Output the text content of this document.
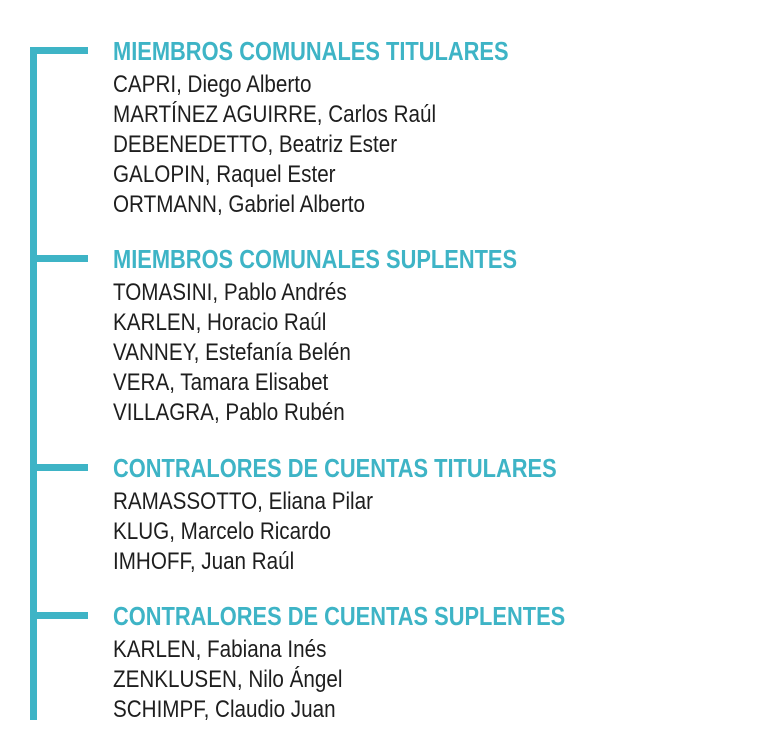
MIEMBROS COMUNALES TITULARES
CAPRI, Diego Alberto
MARTÍNEZ AGUIRRE, Carlos Raúl
DEBENEDETTO, Beatriz Ester
GALOPIN, Raquel Ester
ORTMANN, Gabriel Alberto
MIEMBROS COMUNALES SUPLENTES
TOMASINI, Pablo Andrés
KARLEN, Horacio Raúl
VANNEY, Estefanía Belén
VERA, Tamara Elisabet
VILLAGRA, Pablo Rubén
CONTRALORES DE CUENTAS TITULARES
RAMASSOTTO, Eliana Pilar
KLUG, Marcelo Ricardo
IMHOFF, Juan Raúl
CONTRALORES DE CUENTAS SUPLENTES
KARLEN, Fabiana Inés
ZENKLUSEN, Nilo Ángel
SCHIMPF, Claudio Juan
